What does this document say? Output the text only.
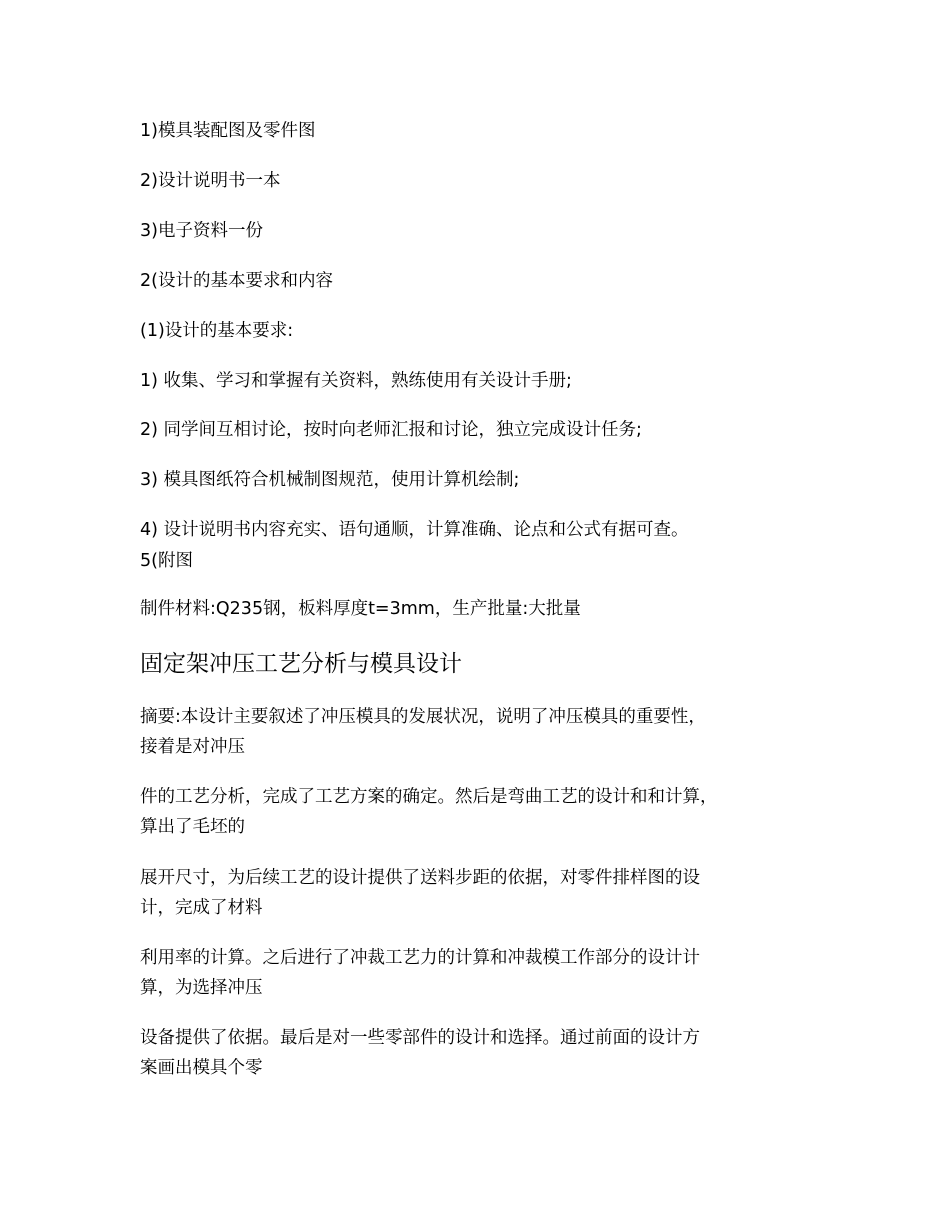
1)模具装配图及零件图
2)设计说明书一本
3)电子资料一份
2(设计的基本要求和内容
(1)设计的基本要求:
1) 收集、学习和掌握有关资料，熟练使用有关设计手册;
2) 同学间互相讨论，按时向老师汇报和讨论，独立完成设计任务;
3) 模具图纸符合机械制图规范，使用计算机绘制;
4) 设计说明书内容充实、语句通顺，计算准确、论点和公式有据可查。
5(附图
制件材料:Q235钢，板料厚度t=3mm，生产批量:大批量
固定架冲压工艺分析与模具设计
摘要:本设计主要叙述了冲压模具的发展状况，说明了冲压模具的重要性，
接着是对冲压
件的工艺分析，完成了工艺方案的确定。然后是弯曲工艺的设计和和计算，
算出了毛坯的
展开尺寸，为后续工艺的设计提供了送料步距的依据，对零件排样图的设
计，完成了材料
利用率的计算。之后进行了冲裁工艺力的计算和冲裁模工作部分的设计计
算，为选择冲压
设备提供了依据。最后是对一些零部件的设计和选择。通过前面的设计方
案画出模具个零
